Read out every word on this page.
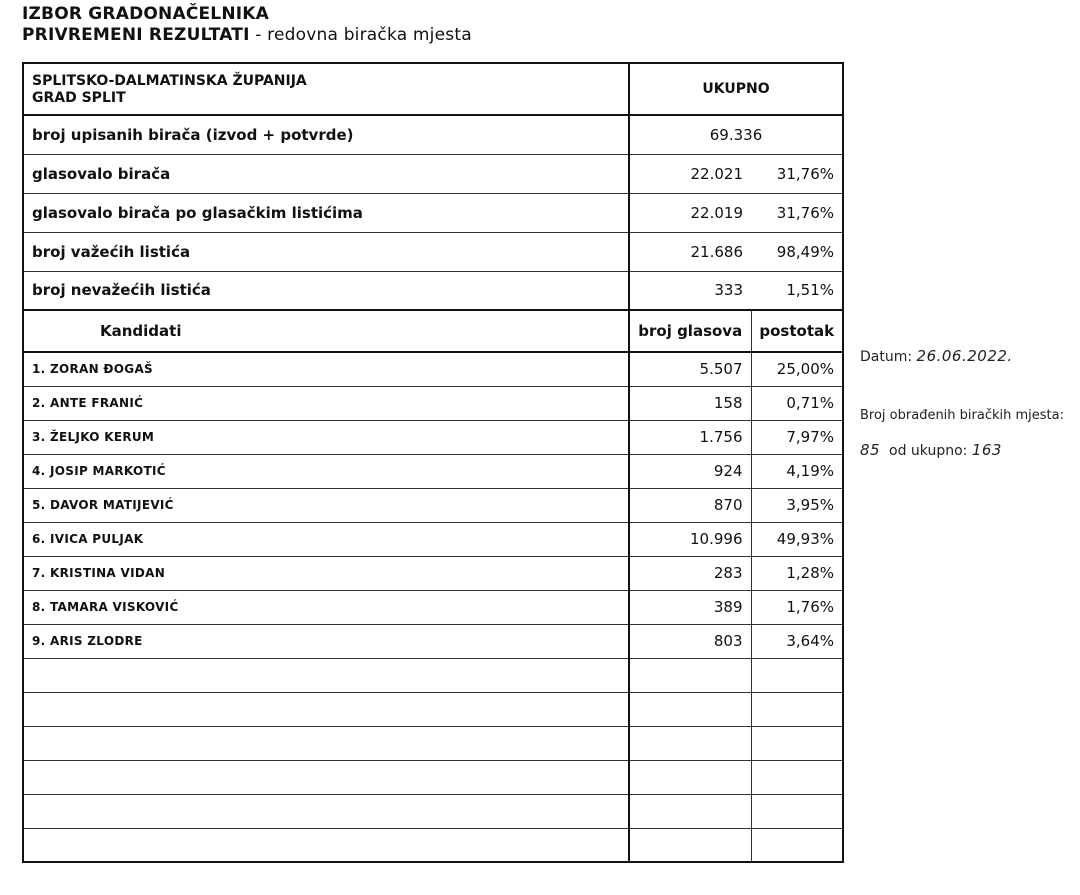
IZBOR GRADONAČELNIKA
PRIVREMENI REZULTATI - redovna biračka mjesta
SPLITSKO-DALMATINSKA ŽUPANIJA
GRAD SPLIT	UKUPNO	
broj upisanih birača (izvod + potvrde)	69.336	
glasovalo birača	22.021	31,76%
glasovalo birača po glasačkim listićima	22.019	31,76%
broj važećih listića	21.686	98,49%
broj nevažećih listića	333	1,51%
Kandidati	broj glasova	postotak
1. ZORAN ĐOGAŠ	5.507	25,00%
2. ANTE FRANIĆ	158	0,71%
3. ŽELJKO KERUM	1.756	7,97%
4. JOSIP MARKOTIĆ	924	4,19%
5. DAVOR MATIJEVIĆ	870	3,95%
6. IVICA PULJAK	10.996	49,93%
7. KRISTINA VIDAN	283	1,28%
8. TAMARA VISKOVIĆ	389	1,76%
9. ARIS ZLODRE	803	3,64%

Datum: 26.06.2022.
Broj obrađenih biračkih mjesta:
85 od ukupno: 163
